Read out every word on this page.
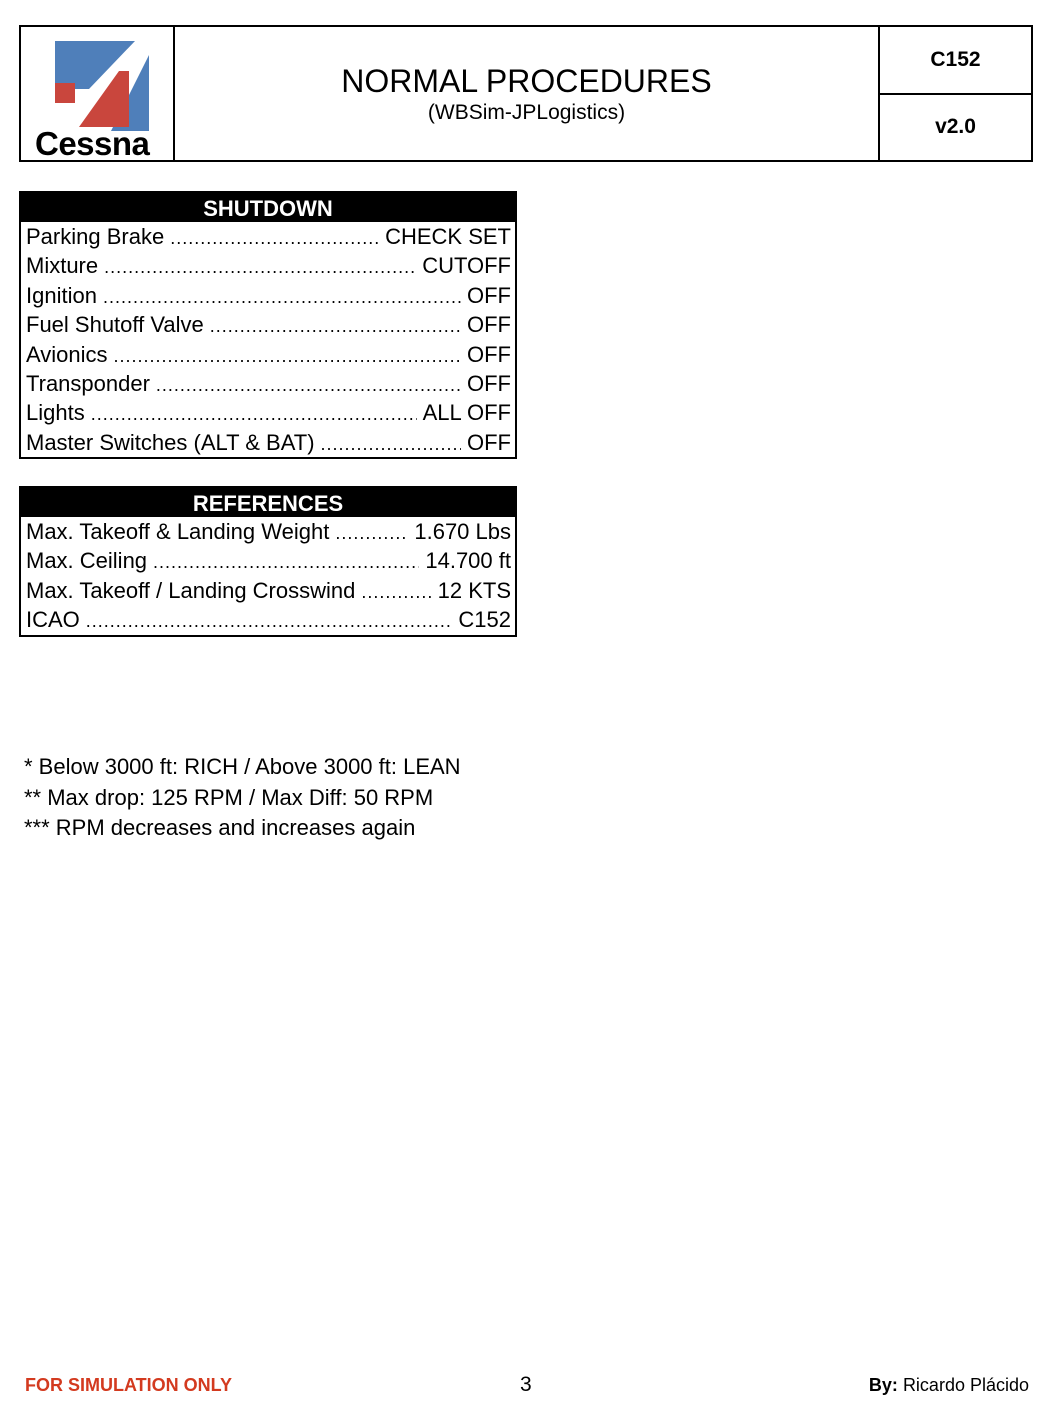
Cessna
NORMAL PROCEDURES
(WBSim-JPLogistics)
C152
v2.0
SHUTDOWN
Parking Brake .....	CHECK SET
Mixture .....	CUTOFF
Ignition .....	OFF
Fuel Shutoff Valve .....	OFF
Avionics .....	OFF
Transponder .....	OFF
Lights .....	ALL OFF
Master Switches (ALT & BAT) .....	OFF
REFERENCES
Max. Takeoff & Landing Weight .....	1.670 Lbs
Max. Ceiling .....	14.700 ft
Max. Takeoff / Landing Crosswind .....	12 KTS
ICAO .....	C152
* Below 3000 ft: RICH / Above 3000 ft: LEAN
** Max drop: 125 RPM / Max Diff: 50 RPM
*** RPM decreases and increases again
FOR SIMULATION ONLY	3	By: Ricardo Plácido
